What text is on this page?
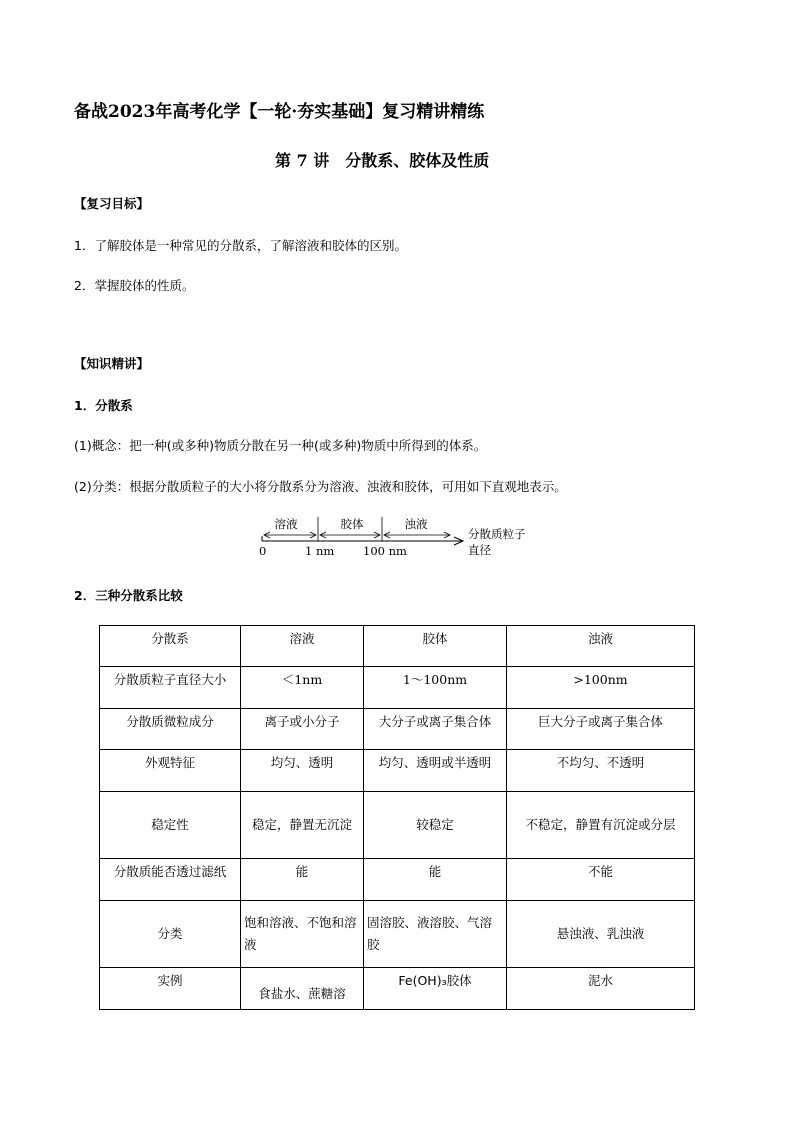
备战2023年高考化学【一轮·夯实基础】复习精讲精练
第 7 讲　分散系、胶体及性质
【复习目标】
1．了解胶体是一种常见的分散系，了解溶液和胶体的区别。
2．掌握胶体的性质。
【知识精讲】
1．分散系
(1)概念：把一种(或多种)物质分散在另一种(或多种)物质中所得到的体系。
(2)分类：根据分散质粒子的大小将分散系分为溶液、浊液和胶体，可用如下直观地表示。
溶液	胶体	浊液
0	1 nm 100 nm
分散质粒子
直径
2．三种分散系比较
分散系	溶液	胶体	浊液
分散质粒子直径大小	＜1nm	1～100nm	>100nm
分散质微粒成分	离子或小分子	大分子或离子集合体	巨大分子或离子集合体
外观特征	均匀、透明	均匀、透明或半透明	不均匀、不透明
稳定性	稳定，静置无沉淀	较稳定	不稳定，静置有沉淀或分层
分散质能否透过滤纸	能	能	不能
分类	饱和溶液、不饱和溶液	固溶胶、液溶胶、气溶胶	悬浊液、乳浊液
实例	食盐水、蔗糖溶	Fe(OH)₃胶体	泥水
